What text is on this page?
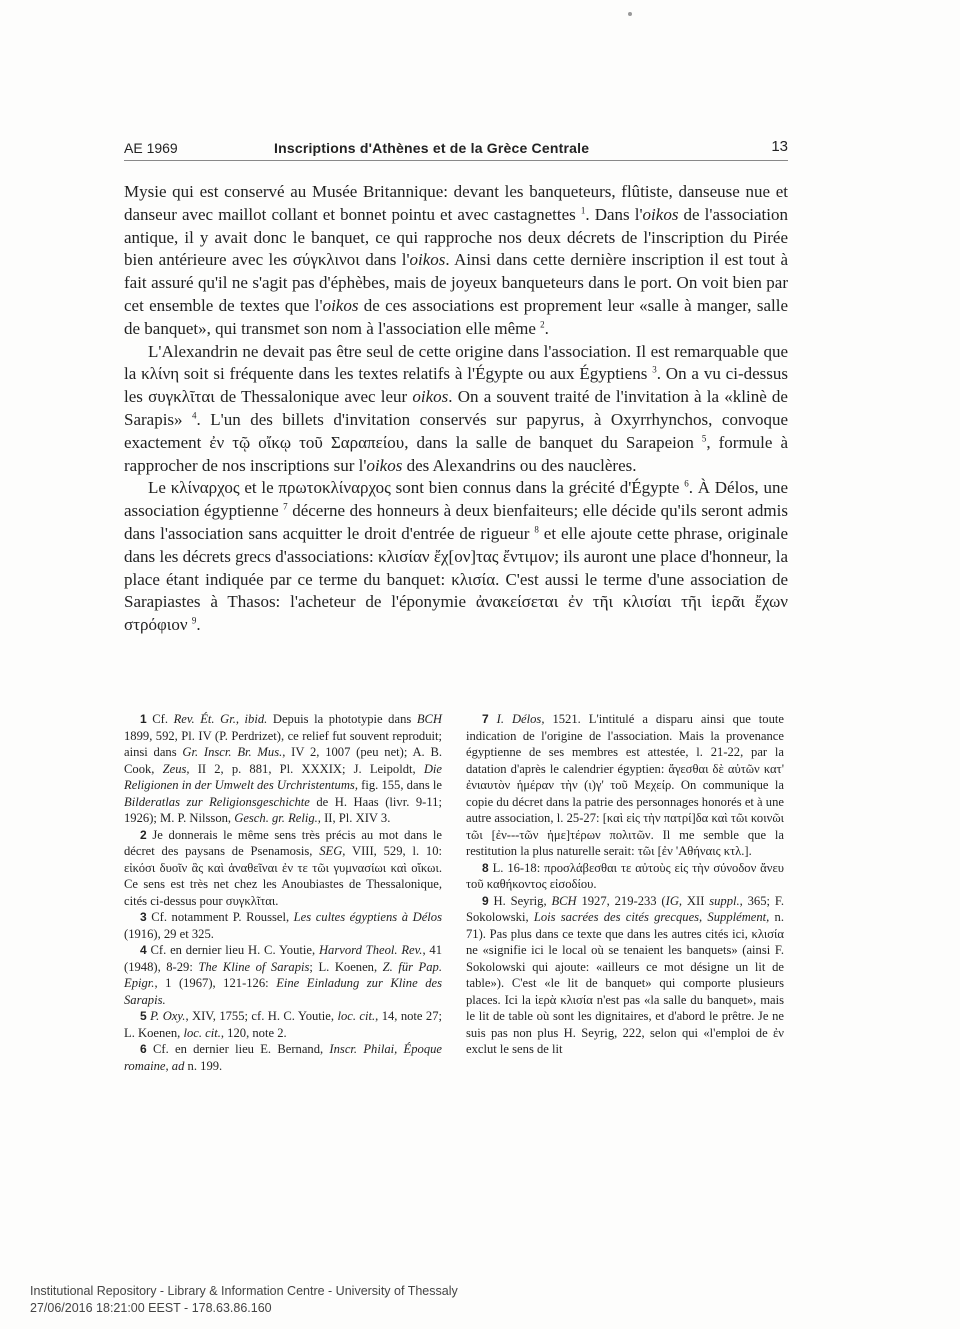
AE 1969	Inscriptions d'Athènes et de la Grèce Centrale	13

Mysie qui est conservé au Musée Britannique: devant les banqueteurs, flûtiste, danseuse nue et danseur avec maillot collant et bonnet pointu et avec castagnettes $^1$. Dans l'oikos de l'association antique, il y avait donc le banquet, ce qui rapproche nos deux décrets de l'inscription du Pirée bien antérieure avec les σύγκλινοι dans l'oikos. Ainsi dans cette dernière inscription il est tout à fait assuré qu'il ne s'agit pas d'éphèbes, mais de joyeux banqueteurs dans le port. On voit bien par cet ensemble de textes que l'oikos de ces associations est proprement leur «salle à manger, salle de banquet», qui transmet son nom à l'association elle même $^2$.

L'Alexandrin ne devait pas être seul de cette origine dans l'association. Il est remarquable que la κλίνη soit si fréquente dans les textes relatifs à l'Égypte ou aux Égyptiens $^3$. On a vu ci-dessus les συγκλῖται de Thessalonique avec leur oikos. On a souvent traité de l'invitation à la «klinè de Sarapis» $^4$. L'un des billets d'invitation conservés sur papyrus, à Oxyrrhynchos, convoque exactement ἐν τῷ οἴκῳ τοῦ Σαραπείου, dans la salle de banquet du Sarapeion $^5$, formule à rapprocher de nos inscriptions sur l'oikos des Alexandrins ou des nauclères.

Le κλίναρχος et le πρωτοκλίναρχος sont bien connus dans la grécité d'Égypte $^6$. À Délos, une association égyptienne $^7$ décerne des honneurs à deux bienfaiteurs; elle décide qu'ils seront admis dans l'association sans acquitter le droit d'entrée de rigueur $^8$ et elle ajoute cette phrase, originale dans les décrets grecs d'associations: κλισίαν ἔχ[ον]τας ἔντιμον; ils auront une place d'honneur, la place étant indiquée par ce terme du banquet: κλισία. C'est aussi le terme d'une association de Sarapiastes à Thasos: l'acheteur de l'éponymie ἀνακείσεται ἐν τῆι κλισίαι τῆι ἱερᾶι ἔχων στρόφιον $^9$.

1 Cf. Rev. Ét. Gr., ibid. Depuis la phototypie dans BCH 1899, 592, Pl. IV (P. Perdrizet), ce relief fut souvent reproduit; ainsi dans Gr. Inscr. Br. Mus., IV 2, 1007 (peu net); A. B. Cook, Zeus, II 2, p. 881, Pl. XXXIX; J. Leipoldt, Die Religionen in der Umwelt des Urchristentums, fig. 155, dans le Bilderatlas zur Religionsgeschichte de H. Haas (livr. 9-11; 1926); M. P. Nilsson, Gesch. gr. Relig., II, Pl. XIV 3.

2 Je donnerais le même sens très précis au mot dans le décret des paysans de Psenamosis, SEG, VIII, 529, l. 10: εἰκόσι δυοῖν ἃς καὶ ἀναθεῖναι ἐν τε τῶι γυμνασίωι καὶ οἴκωι. Ce sens est très net chez les Anoubiastes de Thessalonique, cités ci-dessus pour συγκλῖται.

3 Cf. notamment P. Roussel, Les cultes égyptiens à Délos (1916), 29 et 325.

4 Cf. en dernier lieu H. C. Youtie, Harvord Theol. Rev., 41 (1948), 8-29: The Kline of Sarapis; L. Koenen, Z. für Pap. Epigr., 1 (1967), 121-126: Eine Einladung zur Kline des Sarapis.

5 P. Oxy., XIV, 1755; cf. H. C. Youtie, loc. cit., 14, note 27; L. Koenen, loc. cit., 120, note 2.

6 Cf. en dernier lieu E. Bernand, Inscr. Philai, Époque romaine, ad n. 199.

7 I. Délos, 1521. L'intitulé a disparu ainsi que toute indication de l'origine de l'association. Mais la provenance égyptienne de ses membres est attestée, l. 21-22, par la datation d'après le calendrier égyptien: ἄγεσθαι δὲ αὐτῶν κατ' ἐνιαυτὸν ἡμέραν τὴν (ι)γ' τοῦ Μεχείρ. On communique la copie du décret dans la patrie des personnages honorés et à une autre association, l. 25-27: [καὶ εἰς τὴν πατρί]δα καὶ τῶι κοινῶι τῶι [ἐν---τῶν ἡμε]τέρων πολιτῶν. Il me semble que la restitution la plus naturelle serait: τῶι [ἐν 'Αθήναις κτλ.].

8 L. 16-18: προσλάβεσθαι τε αὐτοὺς εἰς τὴν σύνοδον ἄνευ τοῦ καθήκοντος εἰσοδίου.

9 H. Seyrig, BCH 1927, 219-233 (IG, XII suppl., 365; F. Sokolowski, Lois sacrées des cités grecques, Supplément, n. 71). Pas plus dans ce texte que dans les autres cités ici, κλισία ne «signifie ici le local où se tenaient les banquets» (ainsi F. Sokolowski qui ajoute: «ailleurs ce mot désigne un lit de table»). C'est «le lit de banquet» qui comporte plusieurs places. Ici la ἱερὰ κλισία n'est pas «la salle du banquet», mais le lit de table où sont les dignitaires, et d'abord le prêtre. Je ne suis pas non plus H. Seyrig, 222, selon qui «l'emploi de ἐν exclut le sens de lit

Institutional Repository - Library & Information Centre - University of Thessaly
27/06/2016 18:21:00 EEST - 178.63.86.160
